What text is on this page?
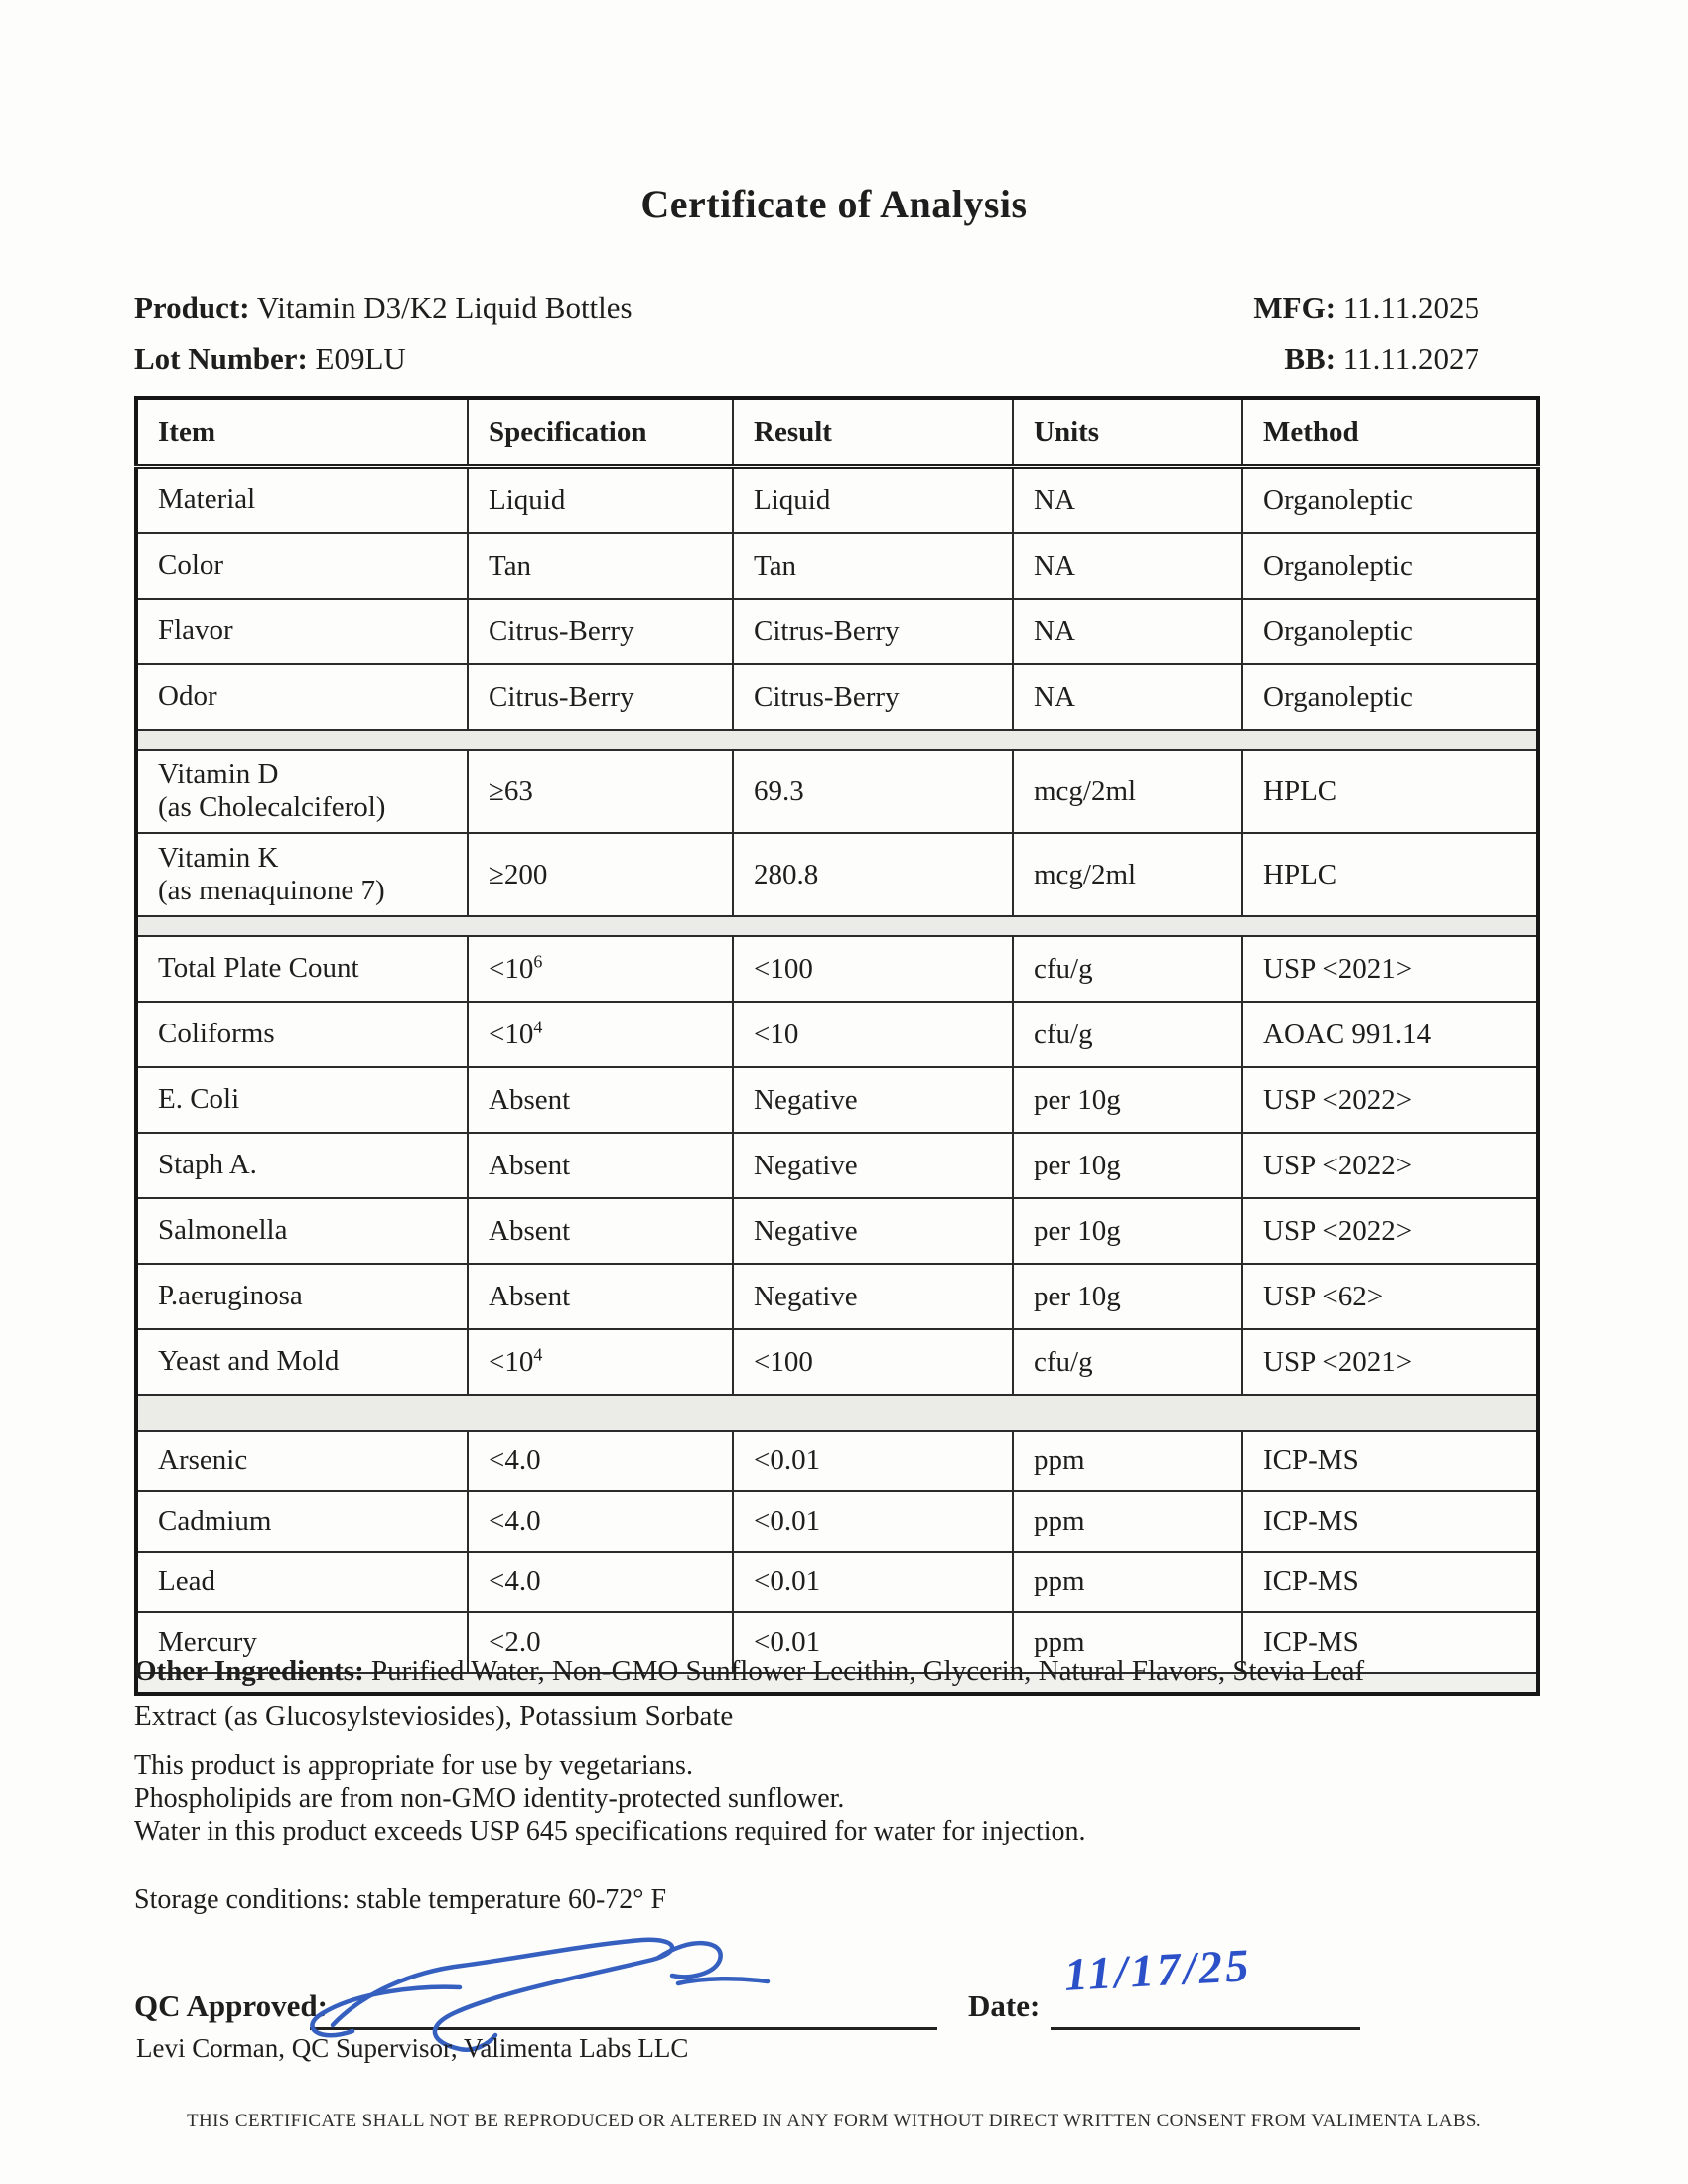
Certificate of Analysis
Product: Vitamin D3/K2 Liquid Bottles	MFG: 11.11.2025
Lot Number: E09LU	BB: 11.11.2027
Item	Specification	Result	Units	Method

Material	Liquid	Liquid	NA	Organoleptic

Color	Tan	Tan	NA	Organoleptic

Flavor	Citrus-Berry	Citrus-Berry	NA	Organoleptic

Odor	Citrus-Berry	Citrus-Berry	NA	Organoleptic

Vitamin D
(as Cholecalciferol)	≥63	69.3	mcg/2ml	HPLC

Vitamin K
(as menaquinone 7)	≥200	280.8	mcg/2ml	HPLC

Total Plate Count	$<10^6$	<100	cfu/g	USP <2021>

Coliforms	$<10^4$	<10	cfu/g	AOAC 991.14

E. Coli	Absent	Negative	per 10g	USP <2022>

Staph A.	Absent	Negative	per 10g	USP <2022>

Salmonella	Absent	Negative	per 10g	USP <2022>

P.aeruginosa	Absent	Negative	per 10g	USP <62>

Yeast and Mold	$<10^4$	<100	cfu/g	USP <2021>

Arsenic	<4.0	<0.01	ppm	ICP-MS

Cadmium	<4.0	<0.01	ppm	ICP-MS

Lead	<4.0	<0.01	ppm	ICP-MS

Mercury	<2.0	<0.01	ppm	ICP-MS

Other Ingredients: Purified Water, Non-GMO Sunflower Lecithin, Glycerin, Natural Flavors, Stevia Leaf Extract (as Glucosylsteviosides), Potassium Sorbate
This product is appropriate for use by vegetarians.
Phospholipids are from non-GMO identity-protected sunflower.
Water in this product exceeds USP 645 specifications required for water for injection.
Storage conditions: stable temperature 60-72° F
QC Approved:	Date:
11/17/25
Levi Corman, QC Supervisor, Valimenta Labs LLC
THIS CERTIFICATE SHALL NOT BE REPRODUCED OR ALTERED IN ANY FORM WITHOUT DIRECT WRITTEN CONSENT FROM VALIMENTA LABS.
